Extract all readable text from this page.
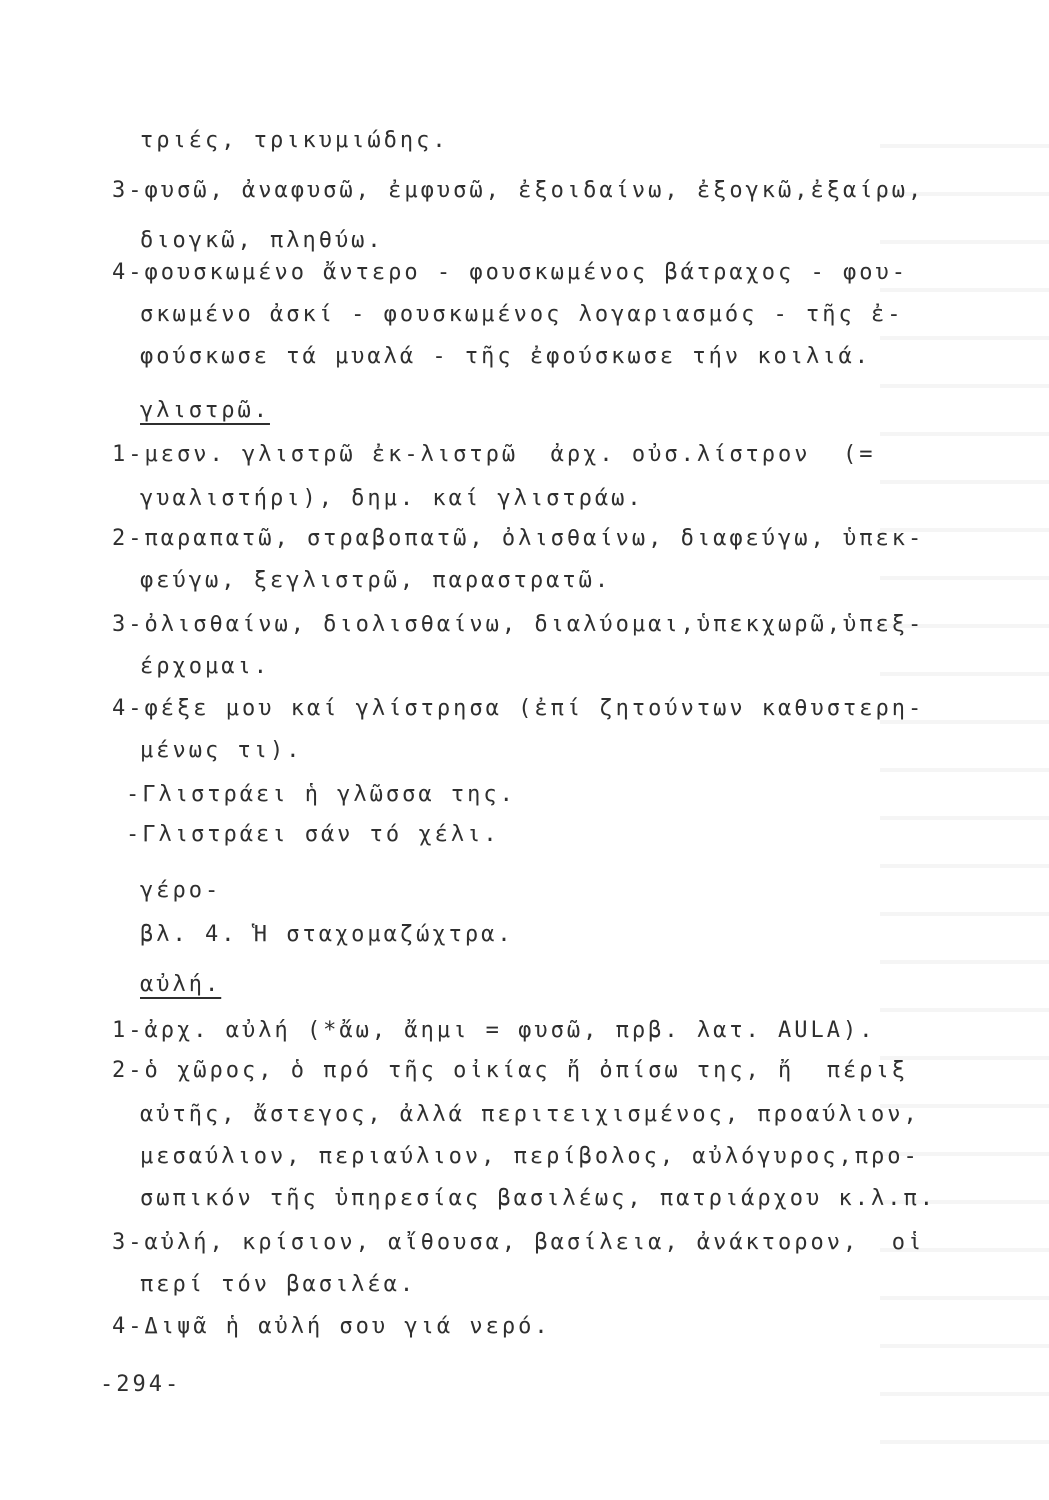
τριές, τρικυμιώδης.
3-φυσῶ, ἀναφυσῶ, ἐμφυσῶ, ἐξοιδαίνω, ἐξογκῶ,ἐξαίρω,
διογκῶ, πληθύω.
4-φουσκωμένο ἄντερο - φουσκωμένος βάτραχος - φου-
σκωμένο ἀσκί - φουσκωμένος λογαριασμός - τῆς ἐ-
φούσκωσε τά μυαλά - τῆς ἐφούσκωσε τήν κοιλιά.
γλιστρῶ.
1-μεσν. γλιστρῶ ἐκ-λιστρῶ  ἀρχ. οὐσ.λίστρον  (=
γυαλιστήρι), δημ. καί γλιστράω.
2-παραπατῶ, στραβοπατῶ, ὀλισθαίνω, διαφεύγω, ὑπεκ-
φεύγω, ξεγλιστρῶ, παραστρατῶ.
3-ὀλισθαίνω, διολισθαίνω, διαλύομαι,ὑπεκχωρῶ,ὑπεξ-
έρχομαι.
4-φέξε μου καί γλίστρησα (ἐπί ζητούντων καθυστερη-
μένως τι).
-Γλιστράει ἡ γλῶσσα της.
-Γλιστράει σάν τό χέλι.
γέρο-
βλ. 4. Ἡ σταχομαζώχτρα.
αὐλή.
1-ἀρχ. αὐλή (*ἄω, ἄημι = φυσῶ, πρβ. λατ. AULA).
2-ὁ χῶρος, ὁ πρό τῆς οἰκίας ἤ ὀπίσω της, ἤ  πέριξ
αὐτῆς, ἄστεγος, ἀλλά περιτειχισμένος, προαύλιον,
μεσαύλιον, περιαύλιον, περίβολος, αὐλόγυρος,προ-
σωπικόν τῆς ὑπηρεσίας βασιλέως, πατριάρχου κ.λ.π.
3-αὐλή, κρίσιον, αἴθουσα, βασίλεια, ἀνάκτορον,  οἱ
περί τόν βασιλέα.
4-Διψᾶ ἡ αὐλή σου γιά νερό.
-294-
